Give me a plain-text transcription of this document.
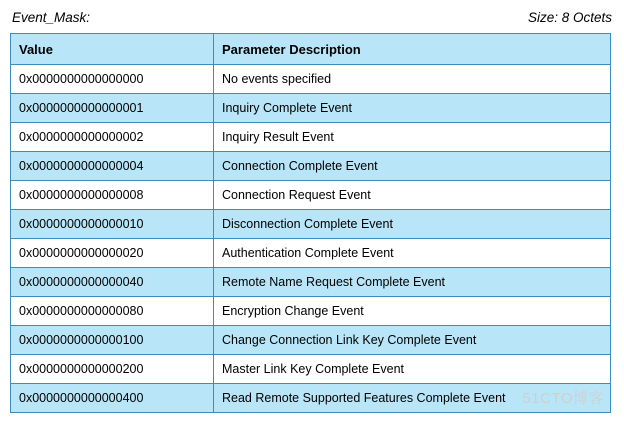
Event_Mask:	Size: 8 Octets
Value	Parameter Description
0x0000000000000000	No events specified
0x0000000000000001	Inquiry Complete Event
0x0000000000000002	Inquiry Result Event
0x0000000000000004	Connection Complete Event
0x0000000000000008	Connection Request Event
0x0000000000000010	Disconnection Complete Event
0x0000000000000020	Authentication Complete Event
0x0000000000000040	Remote Name Request Complete Event
0x0000000000000080	Encryption Change Event
0x0000000000000100	Change Connection Link Key Complete Event
0x0000000000000200	Master Link Key Complete Event
0x0000000000000400	Read Remote Supported Features Complete Event 51CTO博客
